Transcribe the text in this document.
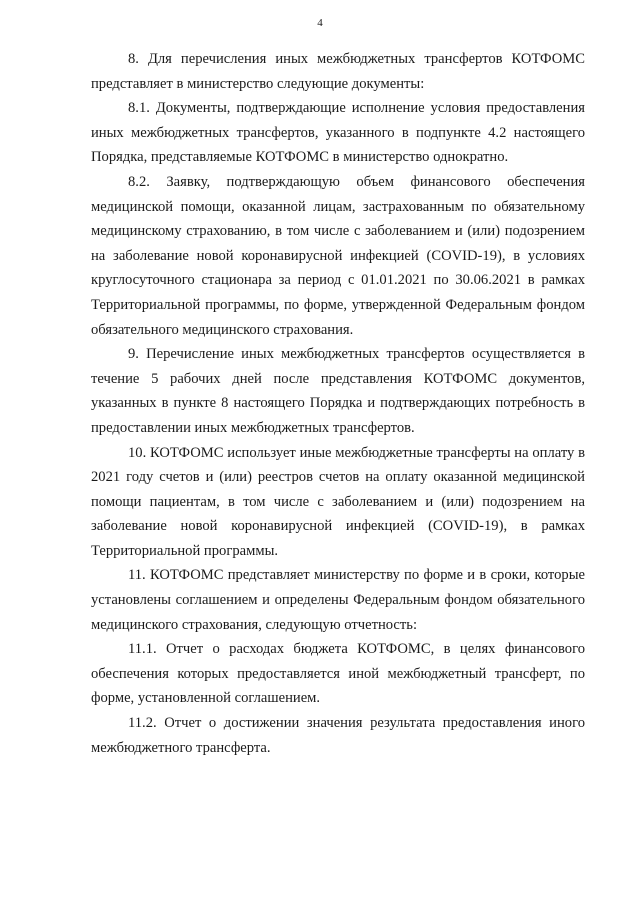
4

8. Для перечисления иных межбюджетных трансфертов КОТФОМС представляет в министерство следующие документы:

8.1. Документы, подтверждающие исполнение условия предоставления иных межбюджетных трансфертов, указанного в подпункте 4.2 настоящего Порядка, представляемые КОТФОМС в министерство однократно.

8.2. Заявку, подтверждающую объем финансового обеспечения медицинской помощи, оказанной лицам, застрахованным по обязательному медицинскому страхованию, в том числе с заболеванием и (или) подозрением на заболевание новой коронавирусной инфекцией (COVID-19), в условиях круглосуточного стационара за период с 01.01.2021 по 30.06.2021 в рамках Территориальной программы, по форме, утвержденной Федеральным фондом обязательного медицинского страхования.

9. Перечисление иных межбюджетных трансфертов осуществляется в течение 5 рабочих дней после представления КОТФОМС документов, указанных в пункте 8 настоящего Порядка и подтверждающих потребность в предоставлении иных межбюджетных трансфертов.

10. КОТФОМС использует иные межбюджетные трансферты на оплату в 2021 году счетов и (или) реестров счетов на оплату оказанной медицинской помощи пациентам, в том числе с заболеванием и (или) подозрением на заболевание новой коронавирусной инфекцией (COVID-19), в рамках Территориальной программы.

11. КОТФОМС представляет министерству по форме и в сроки, которые установлены соглашением и определены Федеральным фондом обязательного медицинского страхования, следующую отчетность:

11.1. Отчет о расходах бюджета КОТФОМС, в целях финансового обеспечения которых предоставляется иной межбюджетный трансферт, по форме, установленной соглашением.

11.2. Отчет о достижении значения результата предоставления иного межбюджетного трансферта.
